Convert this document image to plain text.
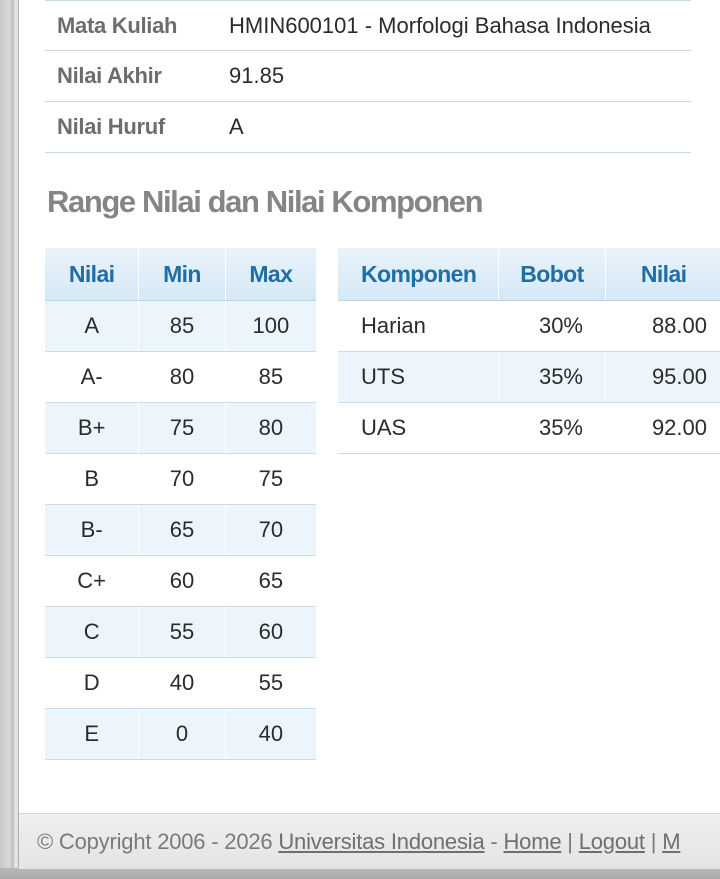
Mata Kuliah	HMIN600101 - Morfologi Bahasa Indonesia
Nilai Akhir	91.85
Nilai Huruf	A
Range Nilai dan Nilai Komponen
Nilai	Min	Max
A	85	100
A-	80	85
B+	75	80
B	70	75
B-	65	70
C+	60	65
C	55	60
D	40	55
E	0	40
Komponen	Bobot	Nilai
Harian	30%	88.00
UTS	35%	95.00
UAS	35%	92.00
© Copyright 2006 - 2026 Universitas Indonesia - Home | Logout | M
